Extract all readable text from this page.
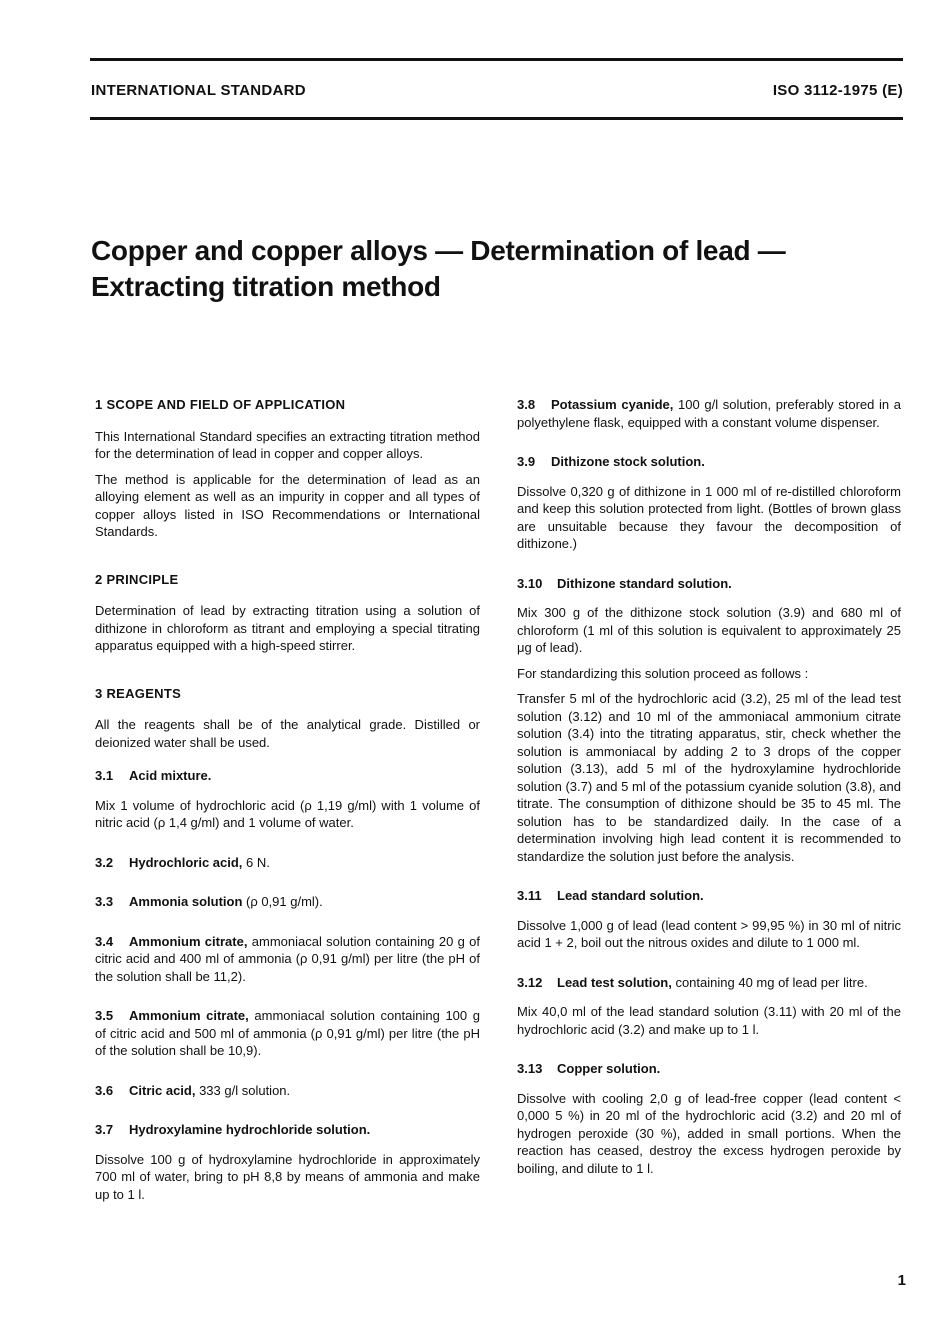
INTERNATIONAL STANDARD	ISO 3112-1975 (E)
Copper and copper alloys — Determination of lead —
Extracting titration method
1 SCOPE AND FIELD OF APPLICATION

This International Standard specifies an extracting titration method for the determination of lead in copper and copper alloys.

The method is applicable for the determination of lead as an alloying element as well as an impurity in copper and all types of copper alloys listed in ISO Recommendations or International Standards.

2 PRINCIPLE

Determination of lead by extracting titration using a solution of dithizone in chloroform as titrant and employing a special titrating apparatus equipped with a high-speed stirrer.

3 REAGENTS

All the reagents shall be of the analytical grade. Distilled or deionized water shall be used.

3.1 Acid mixture.

Mix 1 volume of hydrochloric acid (ρ 1,19 g/ml) with 1 volume of nitric acid (ρ 1,4 g/ml) and 1 volume of water.

3.2 Hydrochloric acid, 6 N.

3.3 Ammonia solution (ρ 0,91 g/ml).

3.4 Ammonium citrate, ammoniacal solution containing 20 g of citric acid and 400 ml of ammonia (ρ 0,91 g/ml) per litre (the pH of the solution shall be 11,2).

3.5 Ammonium citrate, ammoniacal solution containing 100 g of citric acid and 500 ml of ammonia (ρ 0,91 g/ml) per litre (the pH of the solution shall be 10,9).

3.6 Citric acid, 333 g/l solution.

3.7 Hydroxylamine hydrochloride solution.

Dissolve 100 g of hydroxylamine hydrochloride in approximately 700 ml of water, bring to pH 8,8 by means of ammonia and make up to 1 l.

3.8 Potassium cyanide, 100 g/l solution, preferably stored in a polyethylene flask, equipped with a constant volume dispenser.

3.9 Dithizone stock solution.

Dissolve 0,320 g of dithizone in 1 000 ml of re-distilled chloroform and keep this solution protected from light. (Bottles of brown glass are unsuitable because they favour the decomposition of dithizone.)

3.10 Dithizone standard solution.

Mix 300 g of the dithizone stock solution (3.9) and 680 ml of chloroform (1 ml of this solution is equivalent to approximately 25 μg of lead).

For standardizing this solution proceed as follows :

Transfer 5 ml of the hydrochloric acid (3.2), 25 ml of the lead test solution (3.12) and 10 ml of the ammoniacal ammonium citrate solution (3.4) into the titrating apparatus, stir, check whether the solution is ammoniacal by adding 2 to 3 drops of the copper solution (3.13), add 5 ml of the hydroxylamine hydrochloride solution (3.7) and 5 ml of the potassium cyanide solution (3.8), and titrate. The consumption of dithizone should be 35 to 45 ml. The solution has to be standardized daily. In the case of a determination involving high lead content it is recommended to standardize the solution just before the analysis.

3.11 Lead standard solution.

Dissolve 1,000 g of lead (lead content > 99,95 %) in 30 ml of nitric acid 1 + 2, boil out the nitrous oxides and dilute to 1 000 ml.

3.12 Lead test solution, containing 40 mg of lead per litre.

Mix 40,0 ml of the lead standard solution (3.11) with 20 ml of the hydrochloric acid (3.2) and make up to 1 l.

3.13 Copper solution.

Dissolve with cooling 2,0 g of lead-free copper (lead content < 0,000 5 %) in 20 ml of the hydrochloric acid (3.2) and 20 ml of hydrogen peroxide (30 %), added in small portions. When the reaction has ceased, destroy the excess hydrogen peroxide by boiling, and dilute to 1 l.

1
